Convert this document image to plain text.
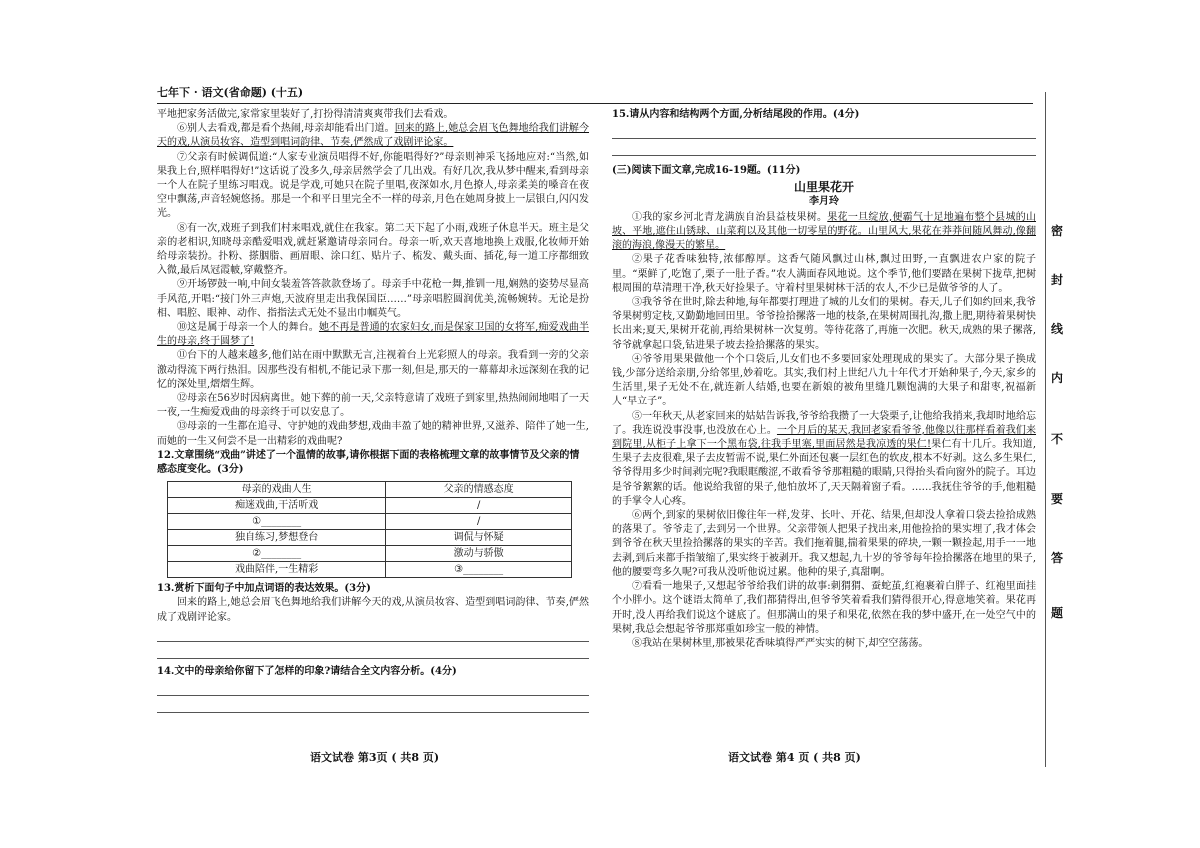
七年下 · 语文(省命题) (十五)

平地把家务活做完,家常家里装好了,打扮得清清爽爽带我们去看戏。

⑥别人去看戏,都是看个热闹,母亲却能看出门道。回来的路上,她总会眉飞色舞地给我们讲解今天的戏,从演员妆容、造型到唱词韵律、节奏,俨然成了戏剧评论家。

⑦父亲有时候调侃道:“人家专业演员唱得不好,你能唱得好?”母亲则神采飞扬地应对:“当然,如果我上台,照样唱得好!”这话说了没多久,母亲居然学会了几出戏。有好几次,我从梦中醒来,看到母亲一个人在院子里练习唱戏。说是学戏,可她只在院子里唱,夜深如水,月色撩人,母亲柔美的嗓音在夜空中飘荡,声音轻婉悠扬。那是一个和平日里完全不一样的母亲,月色在她周身披上一层银白,闪闪发光。

⑧有一次,戏班子到我们村来唱戏,就住在我家。第二天下起了小雨,戏班子休息半天。班主是父亲的老相识,知晓母亲酷爱唱戏,就赶紧邀请母亲同台。母亲一听,欢天喜地地换上戏服,化妆师开始给母亲装扮。扑粉、搽胭脂、画眉眼、涂口红、贴片子、梳发、戴头面、插花,每一道工序都细致入微,最后凤冠霞帔,穿戴整齐。

⑨开场锣鼓一响,中间女装羞答答款款登场了。母亲手中花枪一舞,推钏一甩,娴熟的姿势尽显高手风范,开唱:“接门外三声炮,天波府里走出我保国臣……”母亲唱腔圆润优美,流畅婉转。无论是扮相、唱腔、眼神、动作、指指法式无处不显出巾帼英气。

⑩这是属于母亲一个人的舞台。她不再是普通的农家妇女,而是保家卫国的女将军,痴爱戏曲半生的母亲,终于圆梦了!

⑪台下的人越来越多,他们站在雨中默默无言,注视着台上光彩照人的母亲。我看到一旁的父亲激动得流下两行热泪。因那些没有相机,不能记录下那一刻,但是,那天的一幕幕却永远深刻在我的记忆的深处里,熠熠生辉。

⑫母亲在56岁时因病离世。她下葬的前一天,父亲特意请了戏班子到家里,热热闹闹地唱了一天一夜,一生痴爱戏曲的母亲终于可以安息了。

⑬母亲的一生都在追寻、守护她的戏曲梦想,戏曲丰盈了她的精神世界,又滋养、陪伴了她一生,而她的一生又何尝不是一出精彩的戏曲呢?

12.文章围绕“戏曲”讲述了一个温情的故事,请你根据下面的表格梳理文章的故事情节及父亲的情感态度变化。(3分)

母亲的戏曲人生	父亲的情感态度
痴迷戏曲,干活听戏	/
①________	/
独自练习,梦想登台	调侃与怀疑
②________	激动与骄傲
戏曲陪伴,一生精彩	③________

13.赏析下面句子中加点词语的表达效果。(3分)

回来的路上,她总会眉飞色舞地给我们讲解今天的戏,从演员妆容、造型到唱词韵律、节奏,俨然成了戏剧评论家。

14.文中的母亲给你留下了怎样的印象?请结合全文内容分析。(4分)

语文试卷 第3页 ( 共8 页)

15.请从内容和结构两个方面,分析结尾段的作用。(4分)

(三)阅读下面文章,完成16-19题。(11分)

山里果花开

李月玲

①我的家乡河北青龙满族自治县益枝果树。果花一旦绽放,便霸气十足地遍布整个县城的山坡、平地,遮住山锈球、山菜莉以及其他一切零星的野花。山里风大,果花在莽莽间随风舞动,像翻滚的海浪,像漫天的繁星。

②果子花香味独特,浓郁醇厚。这香气随风飘过山林,飘过田野,一直飘进农户家的院子里。“栗鲜了,吃饱了,栗子一肚子香。”农人满面春风地说。这个季节,他们要踏在果树下拢草,把树根周围的草清理干净,秋天好捡果子。守着村里果树林干活的农人,不少已是做爷爷的人了。

③我爷爷在世时,除去种地,每年都要打理进了城的儿女们的果树。春天,儿子们如约回来,我爷爷果树剪定枝,又勤勤地回田里。爷爷捡拾摞落一地的枝条,在果树周围扎沟,撒上肥,期待着果树快长出来;夏天,果树开花前,再给果树林一次复剪。等待花落了,再施一次肥。秋天,成熟的果子摞落,爷爷就拿起口袋,钻进果子坡去捡拾摞落的果实。

④爷爷用果果做他一个个口袋后,儿女们也不多要回家处理现成的果实了。大部分果子换成钱,少部分送给亲朋,分给邻里,妙着吃。其实,我们村上世纪八九十年代才开始种果子,今天,家乡的生活里,果子无处不在,就连新人结婚,也要在新娘的被角里缝几颗饱满的大果子和甜枣,祝福新人“早立子”。

⑤一年秋天,从老家回来的姑姑告诉我,爷爷给我攒了一大袋栗子,让他给我捎来,我却时地给忘了。我连说没事没事,也没放在心上。一个月后的某天,我回老家看爷爷,他像以往那样看着我们来到院里,从柜子上拿下一个黑布袋,往我手里塞,里面居然是我凉透的果仁!果仁有十几斤。我知道,生果子去皮很难,果子去皮暂需不说,果仁外面还包裹一层红色的软皮,根本不好剥。这么多生果仁,爷爷得用多少时间剥完呢?我眼眶酸涩,不敢看爷爷那粗糙的眼睛,只得抬头看向窗外的院子。耳边是爷爷絮絮的话。他说给我留的果子,他怕放坏了,天天隔着窗子看。……我抚住爷爷的手,他粗糙的手掌令人心疼。

⑥两个,到家的果树依旧像往年一样,发芽、长叶、开花、结果,但却没人拿着口袋去捡拾成熟的落果了。爷爷走了,去到另一个世界。父亲带领人把果子找出来,用他捡拾的果实埋了,我才体会到爷爷在秋天里捡拾摞落的果实的辛苦。我们拖着腿,揣着果果的碎块,一颗一颗捡起,用手一一地去剥,到后来都手指皱缩了,果实终于被剥开。我又想起,九十岁的爷爷每年捡拾摞落在地里的果子,他的腰要弯多久呢?可我从没听他说过累。他种的果子,真甜啊。

⑦看看一地果子,又想起爷爷给我们讲的故事:刺猬猬、蚕蛇茧,红袍裹着白胖子、红袍里面挂个小胖小。这个谜语太简单了,我们都猜得出,但爷爷笑着看我们猜得很开心,得意地笑着。果花再开时,没人再给我们说这个谜底了。但那满山的果子和果花,依然在我的梦中盛开,在一处空气中的果树,我总会想起爷爷那郑重如珍宝一般的神情。

⑧我站在果树林里,那被果花香味填得严严实实的树下,却空空荡荡。

语文试卷 第4 页 ( 共8 页)
密
封
线
内
不
要
答
题
